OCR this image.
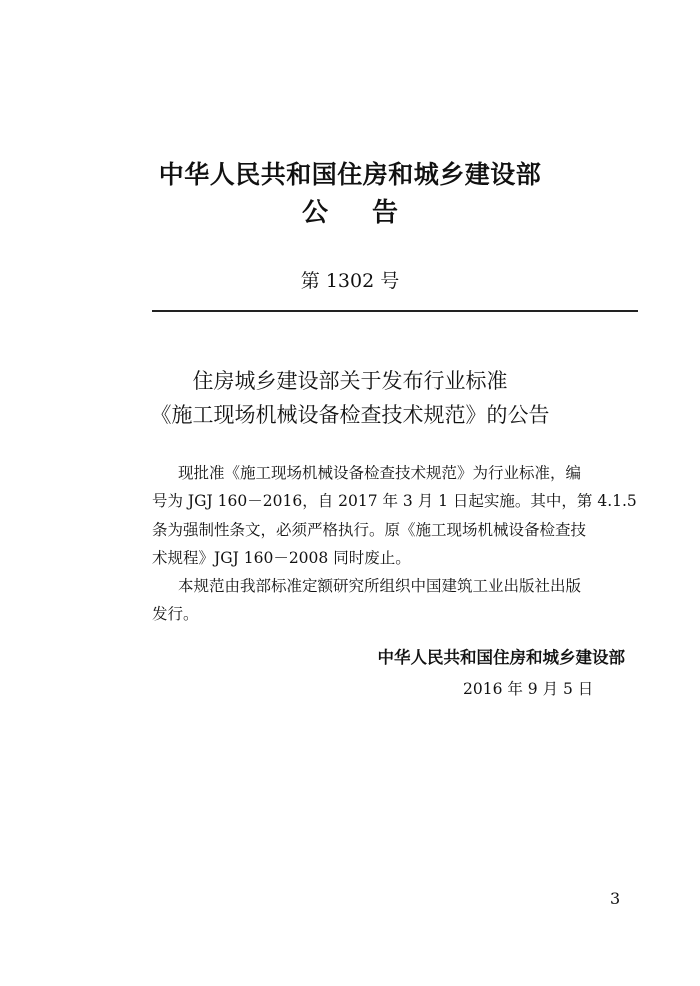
中华人民共和国住房和城乡建设部
公告
第 1302 号
住房城乡建设部关于发布行业标准
《施工现场机械设备检查技术规范》的公告
现批准《施工现场机械设备检查技术规范》为行业标准，编
号为 JGJ 160－2016，自 2017 年 3 月 1 日起实施。其中，第 4.1.5
条为强制性条文，必须严格执行。原《施工现场机械设备检查技
术规程》JGJ 160－2008 同时废止。
本规范由我部标准定额研究所组织中国建筑工业出版社出版
发行。
中华人民共和国住房和城乡建设部
2016 年 9 月 5 日
3
